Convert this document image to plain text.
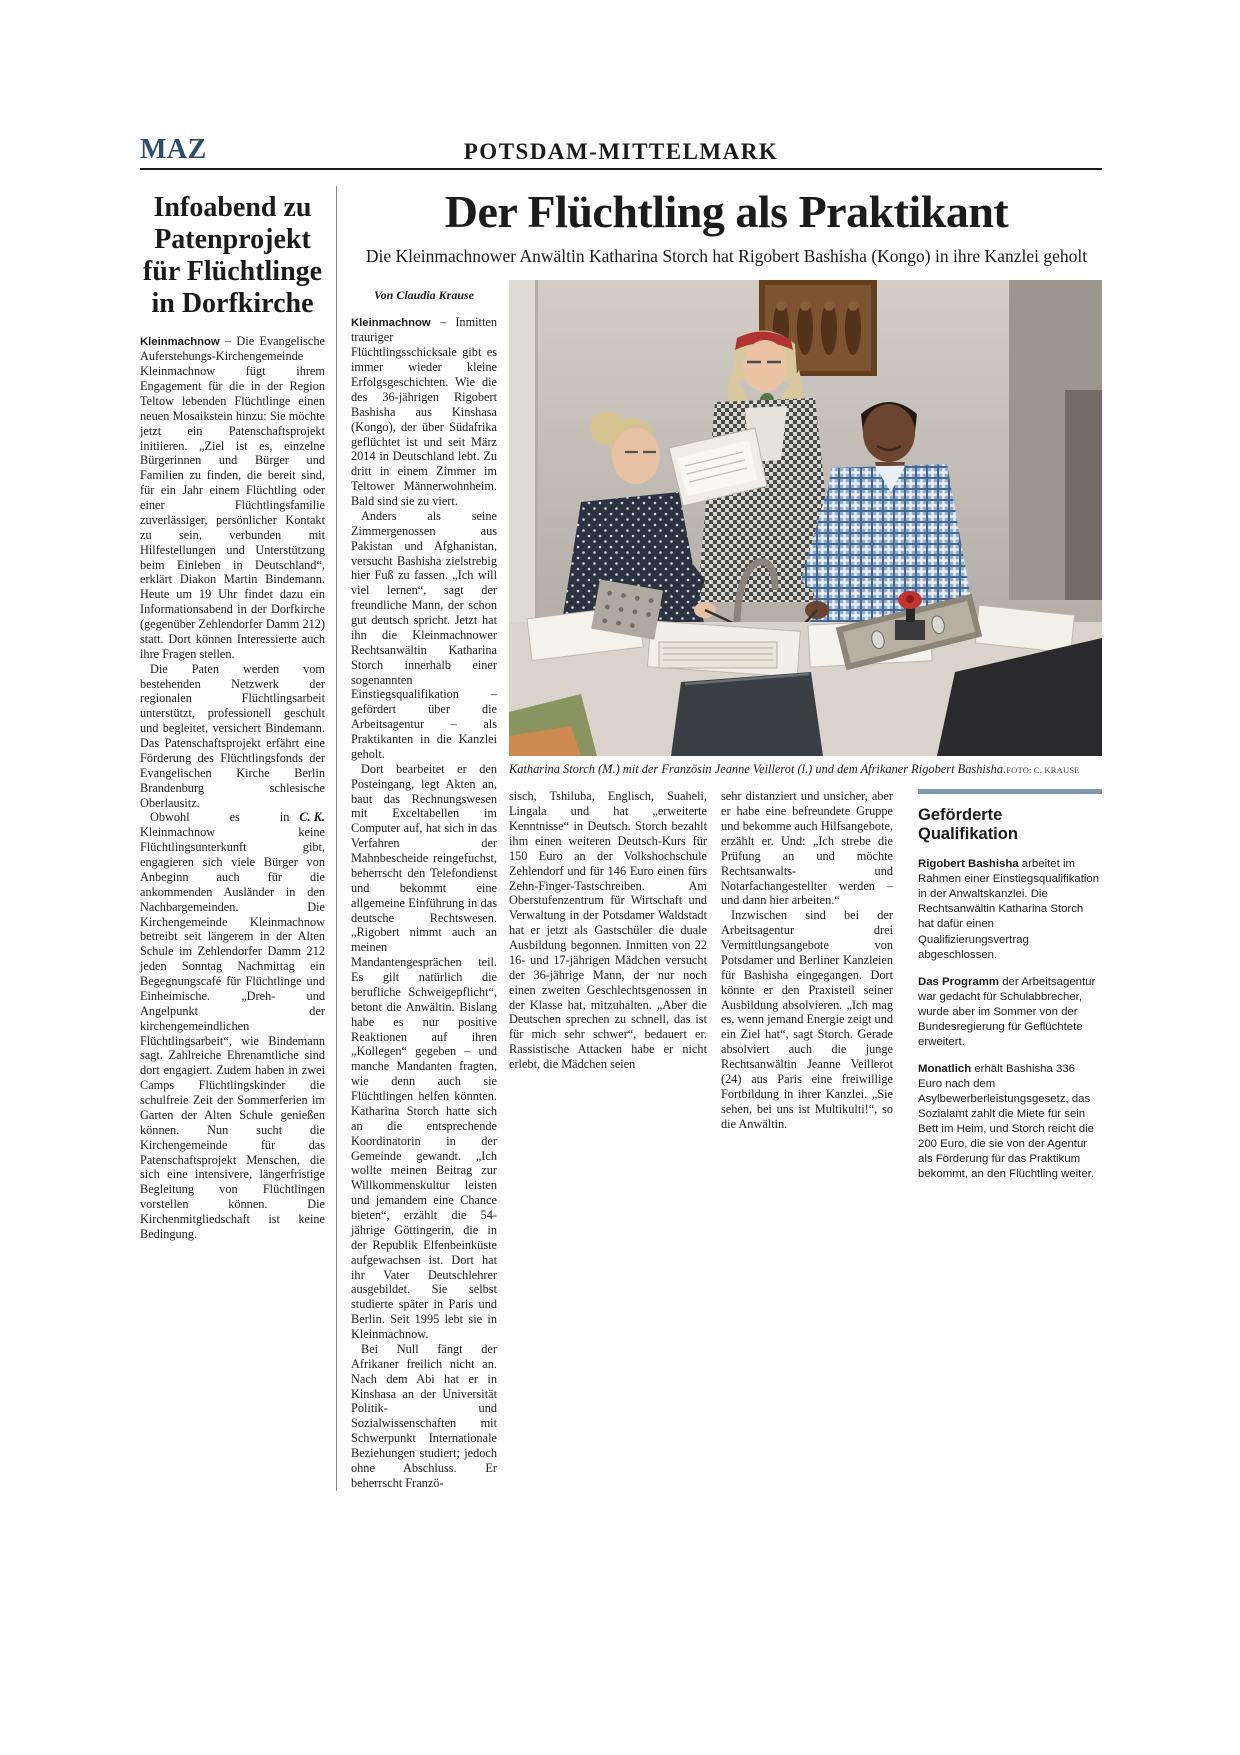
MAZ	POTSDAM-MITTELMARK
Infoabend zu Patenprojekt für Flüchtlinge in Dorfkirche

Kleinmachnow – Die Evangelische Auferstehungs-Kirchengemeinde Kleinmachnow fügt ihrem Engagement für die in der Region Teltow lebenden Flüchtlinge einen neuen Mosaikstein hinzu: Sie möchte jetzt ein Patenschaftsprojekt initiieren. „Ziel ist es, einzelne Bürgerinnen und Bürger und Familien zu finden, die bereit sind, für ein Jahr einem Flüchtling oder einer Flüchtlingsfamilie zuverlässiger, persönlicher Kontakt zu sein, verbunden mit Hilfestellungen und Unterstützung beim Einleben in Deutschland“, erklärt Diakon Martin Bindemann. Heute um 19 Uhr findet dazu ein Informationsabend in der Dorfkirche (gegenüber Zehlendorfer Damm 212) statt. Dort können Interessierte auch ihre Fragen stellen.

Die Paten werden vom bestehenden Netzwerk der regionalen Flüchtlingsarbeit unterstützt, professionell geschult und begleitet, versichert Bindemann. Das Patenschaftsprojekt erfährt eine Förderung des Flüchtlingsfonds der Evangelischen Kirche Berlin Brandenburg schlesische Oberlausitz.

C. K.
Obwohl es in Kleinmachnow keine Flüchtlingsunterkunft gibt, engagieren sich viele Bürger von Anbeginn auch für die ankommenden Ausländer in den Nachbargemeinden. Die Kirchengemeinde Kleinmachnow betreibt seit längerem in der Alten Schule im Zehlendorfer Damm 212 jeden Sonntag Nachmittag ein Begegnungscafé für Flüchtlinge und Einheimische. „Dreh- und Angelpunkt der kirchengemeindlichen Flüchtlingsarbeit“, wie Bindemann sagt. Zahlreiche Ehrenamtliche sind dort engagiert. Zudem haben in zwei Camps Flüchtlingskinder die schulfreie Zeit der Sommerferien im Garten der Alten Schule genießen können. Nun sucht die Kirchengemeinde für das Patenschaftsprojekt Menschen, die sich eine intensivere, längerfristige Begleitung von Flüchtlingen vorstellen können. Die Kirchenmitgliedschaft ist keine Bedingung.

Der Flüchtling als Praktikant
Die Kleinmachnower Anwältin Katharina Storch hat Rigobert Bashisha (Kongo) in ihre Kanzlei geholt
Von Claudia Krause

Kleinmachnow – Inmitten trauriger Flüchtlingsschicksale gibt es immer wieder kleine Erfolgsgeschichten. Wie die des 36-jährigen Rigobert Bashisha aus Kinshasa (Kongo), der über Südafrika geflüchtet ist und seit März 2014 in Deutschland lebt. Zu dritt in einem Zimmer im Teltower Männerwohnheim. Bald sind sie zu viert.

Anders als seine Zimmergenossen aus Pakistan und Afghanistan, versucht Bashisha zielstrebig hier Fuß zu fassen. „Ich will viel lernen“, sagt der freundliche Mann, der schon gut deutsch spricht. Jetzt hat ihn die Kleinmachnower Rechtsanwältin Katharina Storch innerhalb einer sogenannten Einstiegsqualifikation – gefördert über die Arbeitsagentur – als Praktikanten in die Kanzlei geholt.

Dort bearbeitet er den Posteingang, legt Akten an, baut das Rechnungswesen mit Exceltabellen im Computer auf, hat sich in das Verfahren der Mahnbescheide reingefuchst, beherrscht den Telefondienst und bekommt eine allgemeine Einführung in das deutsche Rechtswesen. „Rigobert nimmt auch an meinen Mandantengesprächen teil. Es gilt natürlich die berufliche Schweigepflicht“, betont die Anwältin. Bislang habe es nur positive Reaktionen auf ihren „Kollegen“ gegeben – und manche Mandanten fragten, wie denn auch sie Flüchtlingen helfen könnten. Katharina Storch hatte sich an die entsprechende Koordinatorin in der Gemeinde gewandt. „Ich wollte meinen Beitrag zur Willkommenskultur leisten und jemandem eine Chance bieten“, erzählt die 54-jährige Göttingerin, die in der Republik Elfenbeinküste aufgewachsen ist. Dort hat ihr Vater Deutschlehrer ausgebildet. Sie selbst studierte später in Paris und Berlin. Seit 1995 lebt sie in Kleinmachnow.

Bei Null fängt der Afrikaner freilich nicht an. Nach dem Abi hat er in Kinshasa an der Universität Politik- und Sozialwissenschaften mit Schwerpunkt Internationale Beziehungen studiert; jedoch ohne Abschluss. Er beherrscht Franzö-

Katharina Storch (M.) mit der Französin Jeanne Veillerot (l.) und dem Afrikaner Rigobert Bashisha.FOTO: C. KRAUSE

sisch, Tshiluba, Englisch, Suaheli, Lingala und hat „erweiterte Kenntnisse“ in Deutsch. Storch bezahlt ihm einen weiteren Deutsch-Kurs für 150 Euro an der Volkshochschule Zehlendorf und für 146 Euro einen fürs Zehn-Finger-Tastschreiben. Am Oberstufenzentrum für Wirtschaft und Verwaltung in der Potsdamer Waldstadt hat er jetzt als Gastschüler die duale Ausbildung begonnen. Inmitten von 22 16- und 17-jährigen Mädchen versucht der 36-jährige Mann, der nur noch einen zweiten Geschlechtsgenossen in der Klasse hat, mitzuhalten. „Aber die Deutschen sprechen zu schnell, das ist für mich sehr schwer“, bedauert er. Rassistische Attacken habe er nicht erlebt, die Mädchen seien

sehr distanziert und unsicher, aber er habe eine befreundete Gruppe und bekomme auch Hilfsangebote, erzählt er. Und: „Ich strebe die Prüfung an und möchte Rechtsanwalts- und Notarfachangestellter werden – und dann hier arbeiten.“

Inzwischen sind bei der Arbeitsagentur drei Vermittlungsangebote von Potsdamer und Berliner Kanzleien für Bashisha eingegangen. Dort könnte er den Praxisteil seiner Ausbildung absolvieren. „Ich mag es, wenn jemand Energie zeigt und ein Ziel hat“, sagt Storch. Gerade absolviert auch die junge Rechtsanwältin Jeanne Veillerot (24) aus Paris eine freiwillige Fortbildung in ihrer Kanzlei. „Sie sehen, bei uns ist Multikulti!“, so die Anwältin.

Geförderte Qualifikation

Rigobert Bashisha arbeitet im Rahmen einer Einstiegsqualifikation in der Anwaltskanzlei. Die Rechtsanwältin Katharina Storch hat dafür einen Qualifizierungsvertrag abgeschlossen.

Das Programm der Arbeitsagentur war gedacht für Schulabbrecher, wurde aber im Sommer von der Bundesregierung für Geflüchtete erweitert.

Monatlich erhält Bashisha 336 Euro nach dem Asylbewerberleistungsgesetz, das Sozialamt zahlt die Miete für sein Bett im Heim, und Storch reicht die 200 Euro, die sie von der Agentur als Förderung für das Praktikum bekommt, an den Flüchtling weiter.
